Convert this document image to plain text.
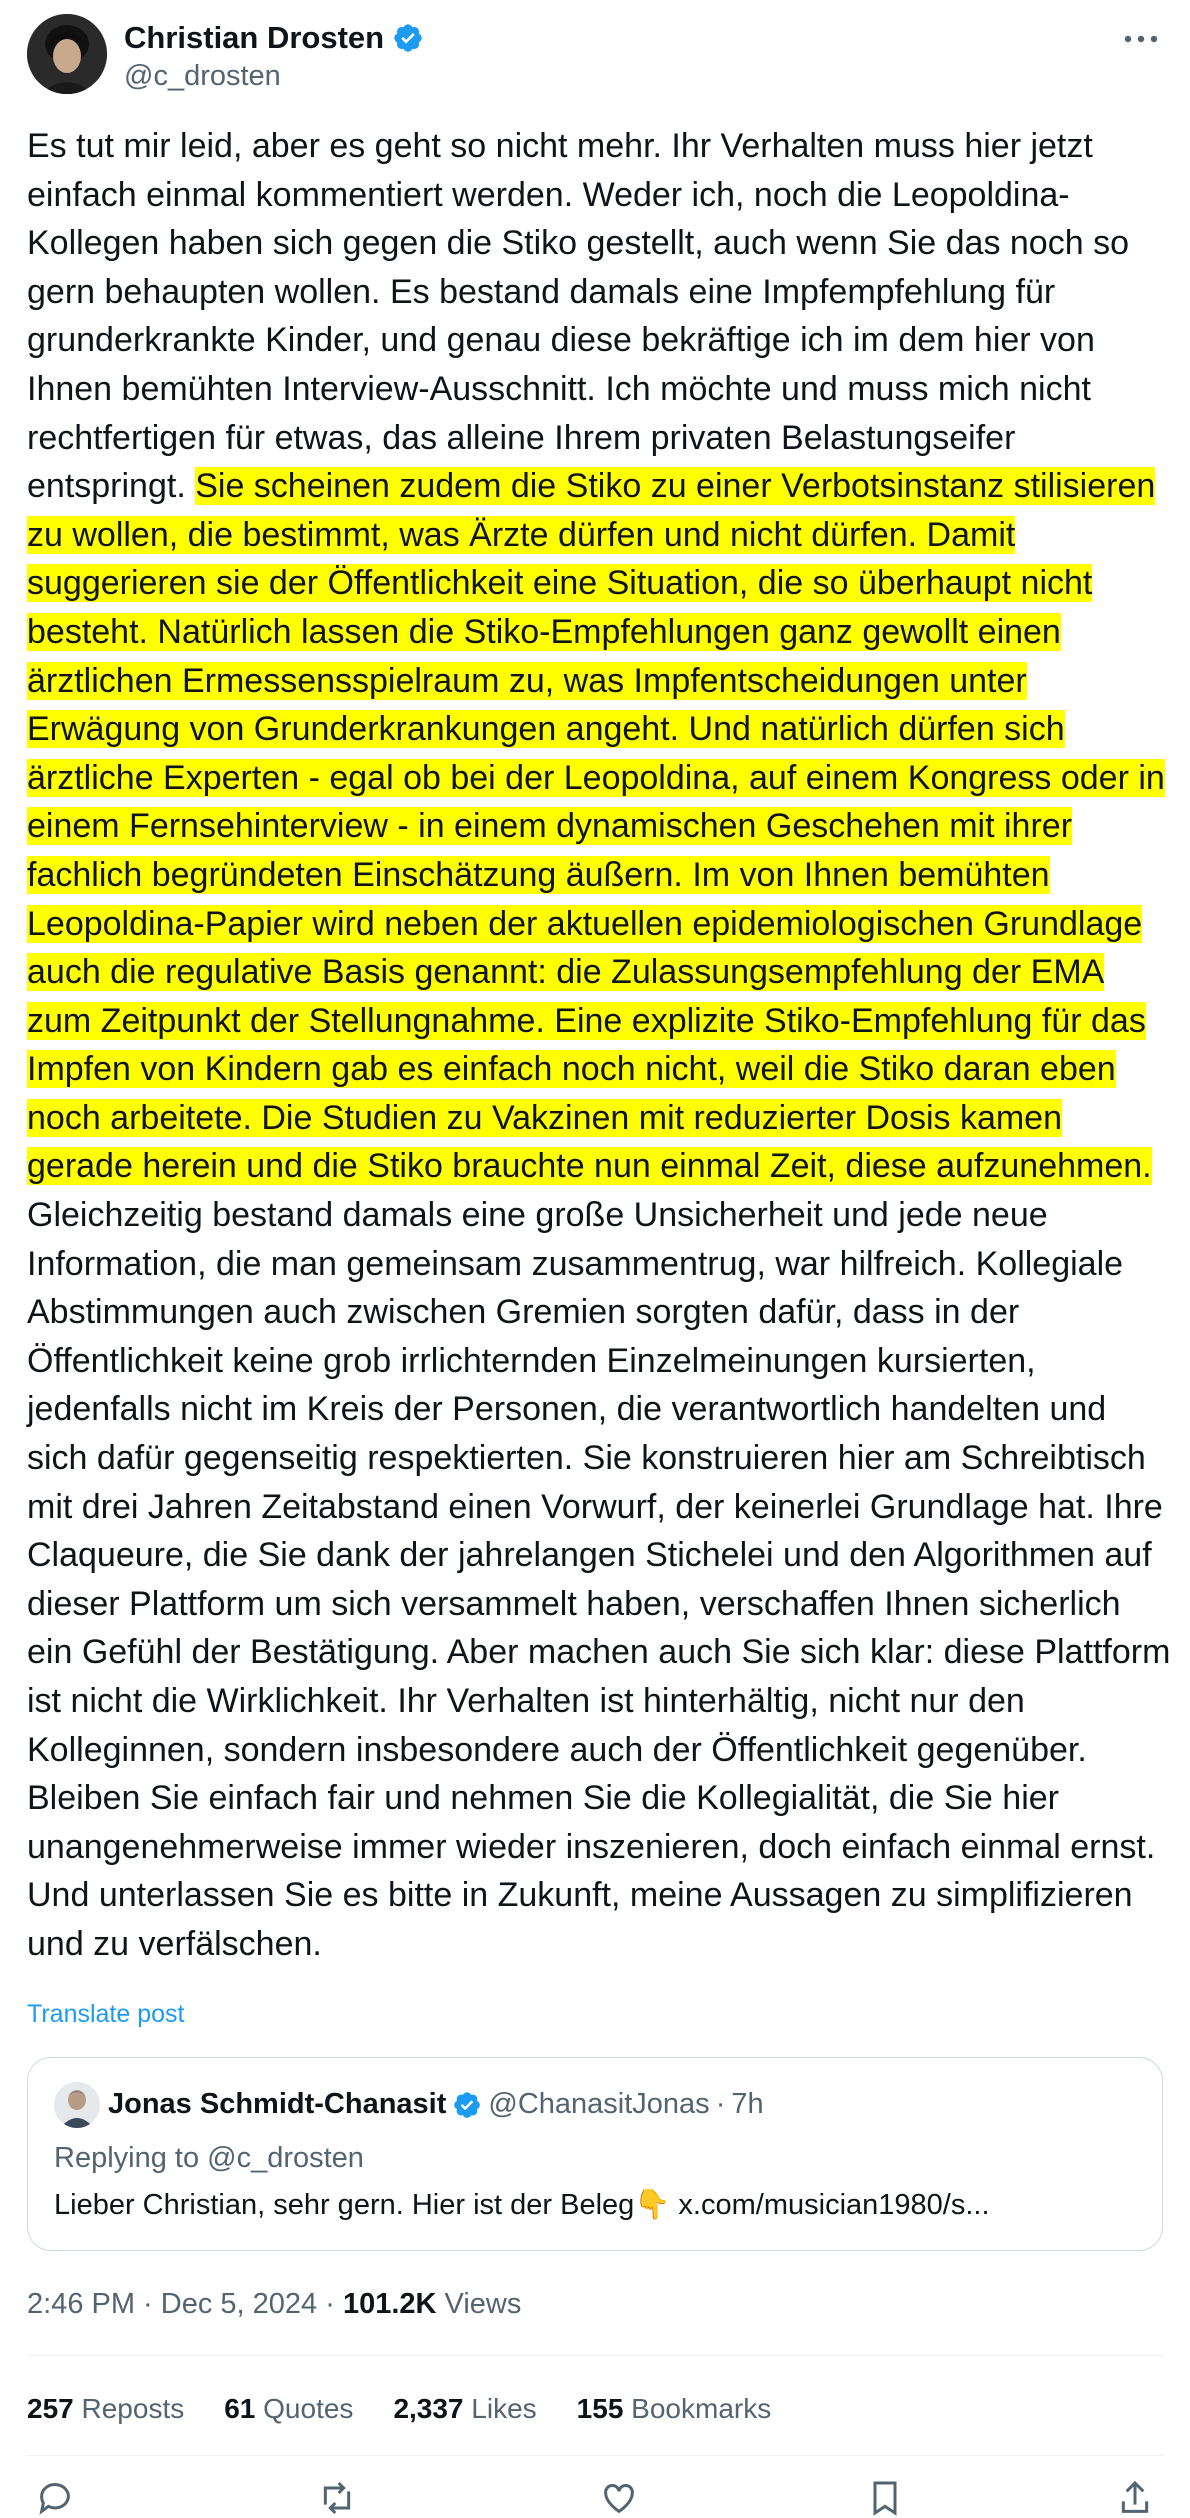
Christian Drosten
@c_drosten
Es tut mir leid, aber es geht so nicht mehr. Ihr Verhalten muss hier jetzt einfach einmal kommentiert werden. Weder ich, noch die Leopoldina-Kollegen haben sich gegen die Stiko gestellt, auch wenn Sie das noch so gern behaupten wollen. Es bestand damals eine Impfempfehlung für grunderkrankte Kinder, und genau diese bekräftige ich im dem hier von Ihnen bemühten Interview-Ausschnitt. Ich möchte und muss mich nicht rechtfertigen für etwas, das alleine Ihrem privaten Belastungseifer entspringt. Sie scheinen zudem die Stiko zu einer Verbotsinstanz stilisieren zu wollen, die bestimmt, was Ärzte dürfen und nicht dürfen. Damit suggerieren sie der Öffentlichkeit eine Situation, die so überhaupt nicht besteht. Natürlich lassen die Stiko-Empfehlungen ganz gewollt einen ärztlichen Ermessensspielraum zu, was Impfentscheidungen unter Erwägung von Grunderkrankungen angeht. Und natürlich dürfen sich ärztliche Experten - egal ob bei der Leopoldina, auf einem Kongress oder in einem Fernsehinterview - in einem dynamischen Geschehen mit ihrer fachlich begründeten Einschätzung äußern. Im von Ihnen bemühten Leopoldina-Papier wird neben der aktuellen epidemiologischen Grundlage auch die regulative Basis genannt: die Zulassungsempfehlung der EMA zum Zeitpunkt der Stellungnahme. Eine explizite Stiko-Empfehlung für das Impfen von Kindern gab es einfach noch nicht, weil die Stiko daran eben noch arbeitete. Die Studien zu Vakzinen mit reduzierter Dosis kamen gerade herein und die Stiko brauchte nun einmal Zeit, diese aufzunehmen. Gleichzeitig bestand damals eine große Unsicherheit und jede neue Information, die man gemeinsam zusammentrug, war hilfreich. Kollegiale Abstimmungen auch zwischen Gremien sorgten dafür, dass in der Öffentlichkeit keine grob irrlichternden Einzelmeinungen kursierten, jedenfalls nicht im Kreis der Personen, die verantwortlich handelten und sich dafür gegenseitig respektierten. Sie konstruieren hier am Schreibtisch mit drei Jahren Zeitabstand einen Vorwurf, der keinerlei Grundlage hat. Ihre Claqueure, die Sie dank der jahrelangen Stichelei und den Algorithmen auf dieser Plattform um sich versammelt haben, verschaffen Ihnen sicherlich ein Gefühl der Bestätigung. Aber machen auch Sie sich klar: diese Plattform ist nicht die Wirklichkeit. Ihr Verhalten ist hinterhältig, nicht nur den Kolleginnen, sondern insbesondere auch der Öffentlichkeit gegenüber. Bleiben Sie einfach fair und nehmen Sie die Kollegialität, die Sie hier unangenehmerweise immer wieder inszenieren, doch einfach einmal ernst. Und unterlassen Sie es bitte in Zukunft, meine Aussagen zu simplifizieren und zu verfälschen.
Translate post
Jonas Schmidt-Chanasit @ChanasitJonas · 7h
Replying to @c_drosten
Lieber Christian, sehr gern. Hier ist der Beleg👇 x.com/musician1980/s...
2:46 PM · Dec 5, 2024 · 101.2K Views
257 Reposts 61 Quotes 2,337 Likes 155 Bookmarks
